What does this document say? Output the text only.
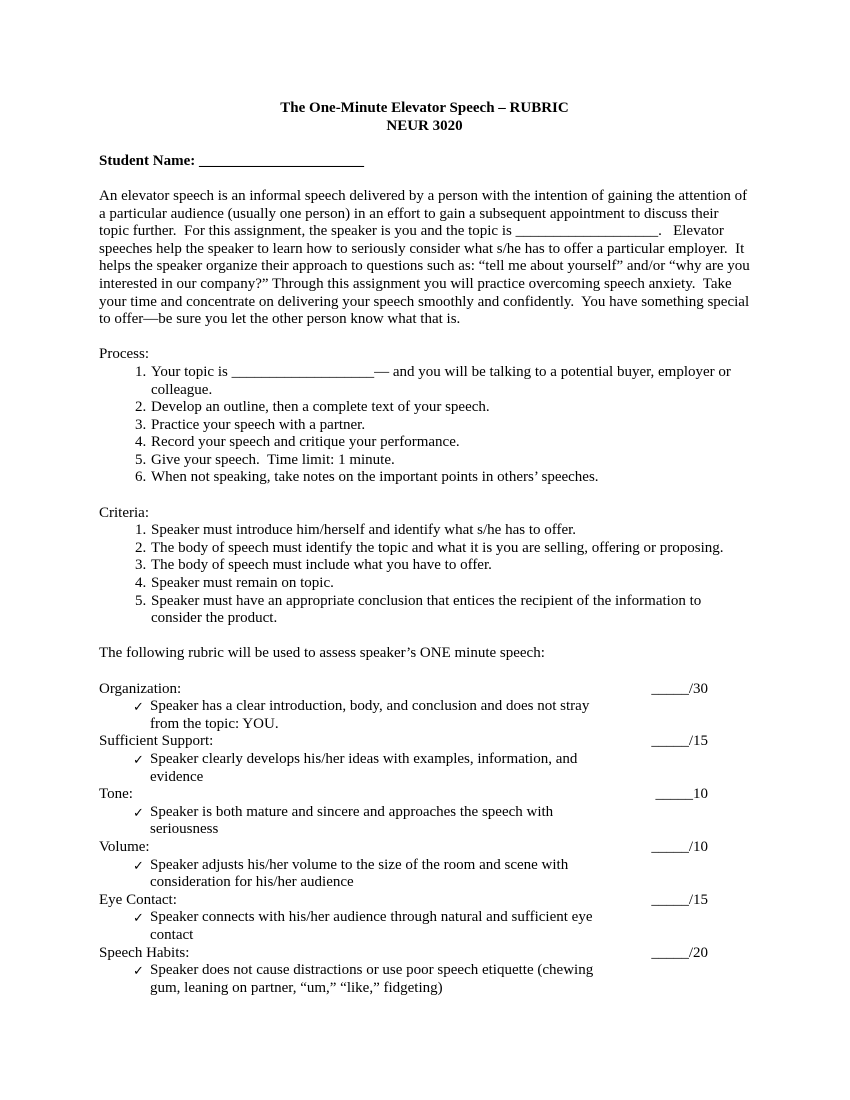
The One-Minute Elevator Speech – RUBRIC
NEUR 3020
Student Name: ______________________

An elevator speech is an informal speech delivered by a person with the intention of gaining the attention of a particular audience (usually one person) in an effort to gain a subsequent appointment to discuss their topic further.  For this assignment, the speaker is you and the topic is ___________________.   Elevator speeches help the speaker to learn how to seriously consider what s/he has to offer a particular employer.  It helps the speaker organize their approach to questions such as: “tell me about yourself” and/or “why are you interested in our company?” Through this assignment you will practice overcoming speech anxiety.  Take your time and concentrate on delivering your speech smoothly and confidently.  You have something special to offer—be sure you let the other person know what that is.

Process:
1. Your topic is ___________________— and you will be talking to a potential buyer, employer or colleague.
2. Develop an outline, then a complete text of your speech.
3. Practice your speech with a partner.
4. Record your speech and critique your performance.
5. Give your speech.  Time limit: 1 minute.
6. When not speaking, take notes on the important points in others’ speeches.
Criteria:
1. Speaker must introduce him/herself and identify what s/he has to offer.
2. The body of speech must identify the topic and what it is you are selling, offering or proposing.
3. The body of speech must include what you have to offer.
4. Speaker must remain on topic.
5. Speaker must have an appropriate conclusion that entices the recipient of the information to consider the product.
The following rubric will be used to assess speaker’s ONE minute speech:
Organization:	_____/30
✓ Speaker has a clear introduction, body, and conclusion and does not stray from the topic: YOU.
Sufficient Support:	_____/15
✓ Speaker clearly develops his/her ideas with examples, information, and evidence
Tone:	_____10
✓ Speaker is both mature and sincere and approaches the speech with seriousness
Volume:	_____/10
✓ Speaker adjusts his/her volume to the size of the room and scene with consideration for his/her audience
Eye Contact:	_____/15
✓ Speaker connects with his/her audience through natural and sufficient eye contact
Speech Habits:	_____/20
✓ Speaker does not cause distractions or use poor speech etiquette (chewing gum, leaning on partner, “um,” “like,” fidgeting)
